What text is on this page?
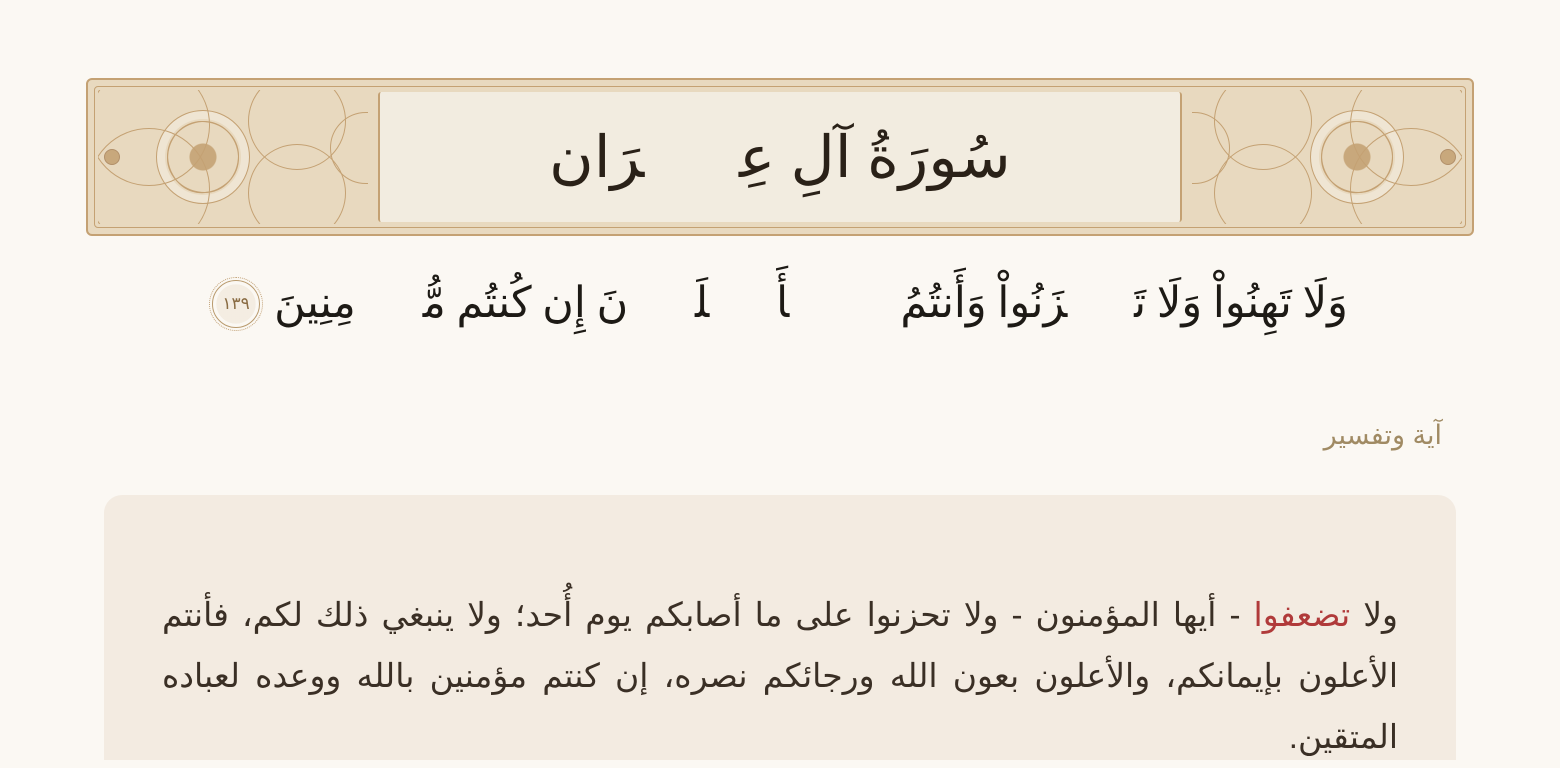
سُورَةُ آلِ عِمۡرَان
وَلَا تَهِنُواْ وَلَا تَحۡزَنُواْ وَأَنتُمُ ٱلۡأَعۡلَوۡنَ إِن كُنتُم مُّؤۡمِنِينَ
١٣٩
آية وتفسير

ولا تضعفوا - أيها المؤمنون - ولا تحزنوا على ما أصابكم يوم أُحد؛ ولا ينبغي ذلك لكم، فأنتم الأعلون بإيمانكم، والأعلون بعون الله ورجائكم نصره، إن كنتم مؤمنين بالله ووعده لعباده المتقين.
